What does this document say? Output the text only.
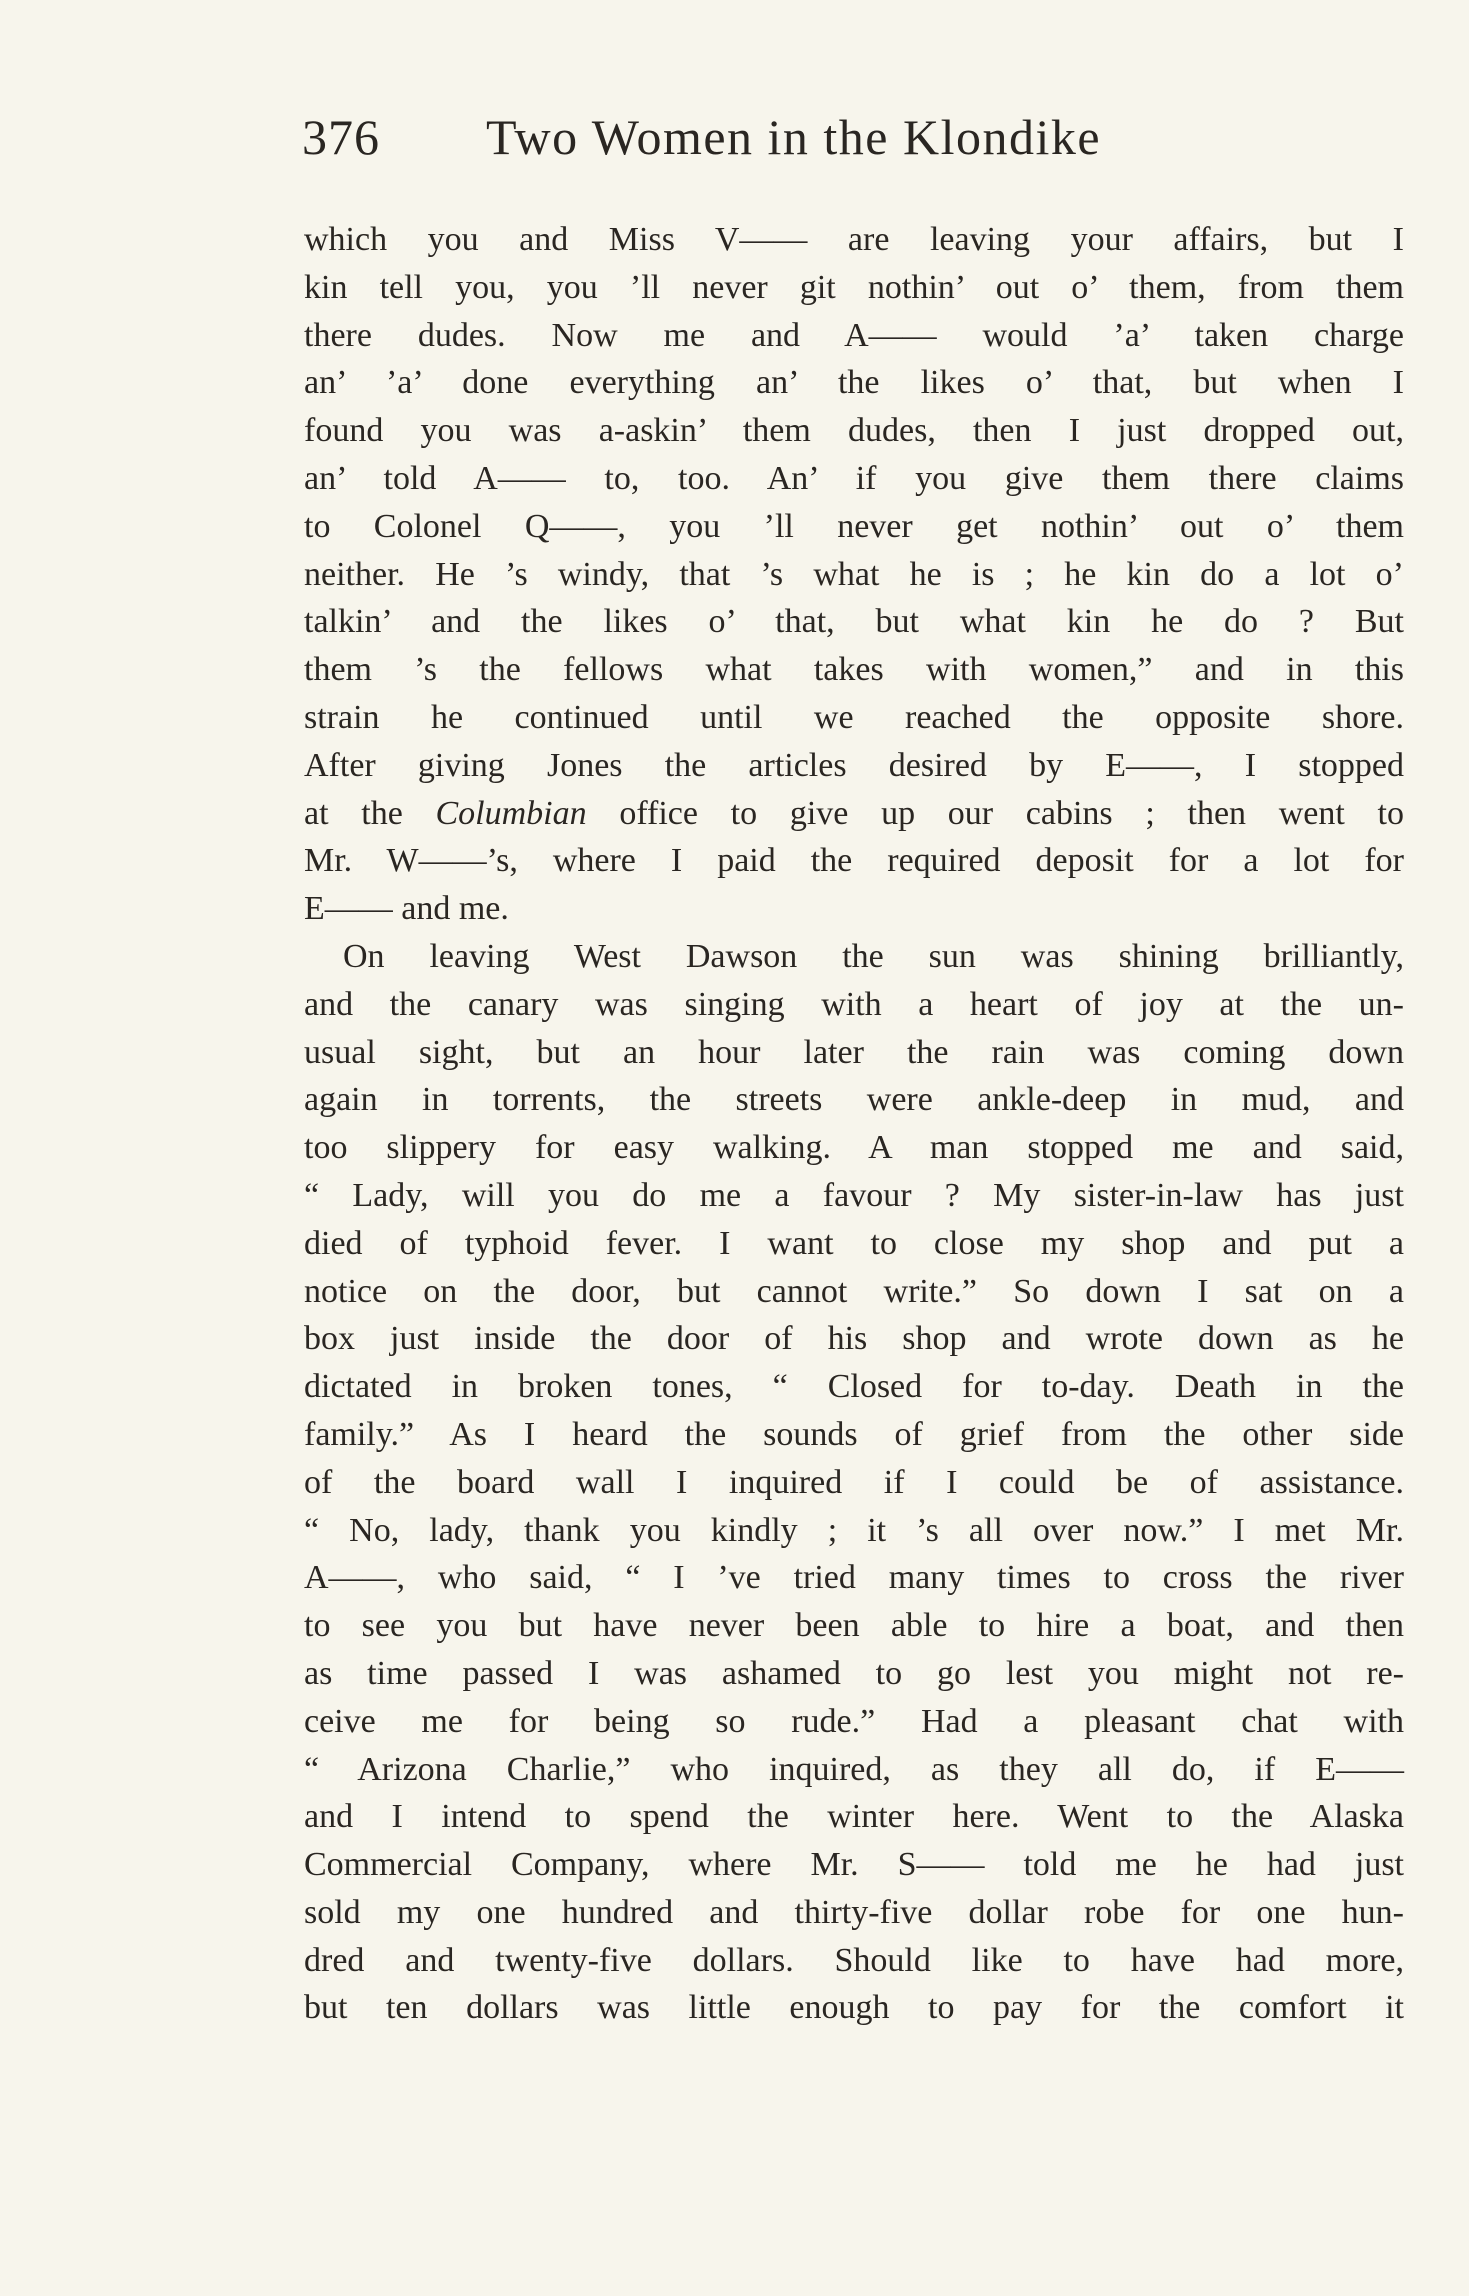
376 Two Women in the Klondike
which you and Miss V—— are leaving your affairs, but I
kin tell you, you ’ll never git nothin’ out o’ them, from them
there dudes. Now me and A—— would ’a’ taken charge
an’ ’a’ done everything an’ the likes o’ that, but when I
found you was a-askin’ them dudes, then I just dropped out,
an’ told A—— to, too. An’ if you give them there claims
to Colonel Q——, you ’ll never get nothin’ out o’ them
neither. He ’s windy, that ’s what he is ; he kin do a lot o’
talkin’ and the likes o’ that, but what kin he do ? But
them ’s the fellows what takes with women,” and in this
strain he continued until we reached the opposite shore.
After giving Jones the articles desired by E——, I stopped
at the Columbian office to give up our cabins ; then went to
Mr. W——’s, where I paid the required deposit for a lot for
E—— and me.
On leaving West Dawson the sun was shining brilliantly,
and the canary was singing with a heart of joy at the un-
usual sight, but an hour later the rain was coming down
again in torrents, the streets were ankle-deep in mud, and
too slippery for easy walking. A man stopped me and said,
“ Lady, will you do me a favour ? My sister-in-law has just
died of typhoid fever. I want to close my shop and put a
notice on the door, but cannot write.” So down I sat on a
box just inside the door of his shop and wrote down as he
dictated in broken tones, “ Closed for to-day. Death in the
family.” As I heard the sounds of grief from the other side
of the board wall I inquired if I could be of assistance.
“ No, lady, thank you kindly ; it ’s all over now.” I met Mr.
A——, who said, “ I ’ve tried many times to cross the river
to see you but have never been able to hire a boat, and then
as time passed I was ashamed to go lest you might not re-
ceive me for being so rude.” Had a pleasant chat with
“ Arizona Charlie,” who inquired, as they all do, if E——
and I intend to spend the winter here. Went to the Alaska
Commercial Company, where Mr. S—— told me he had just
sold my one hundred and thirty-five dollar robe for one hun-
dred and twenty-five dollars. Should like to have had more,
but ten dollars was little enough to pay for the comfort it
